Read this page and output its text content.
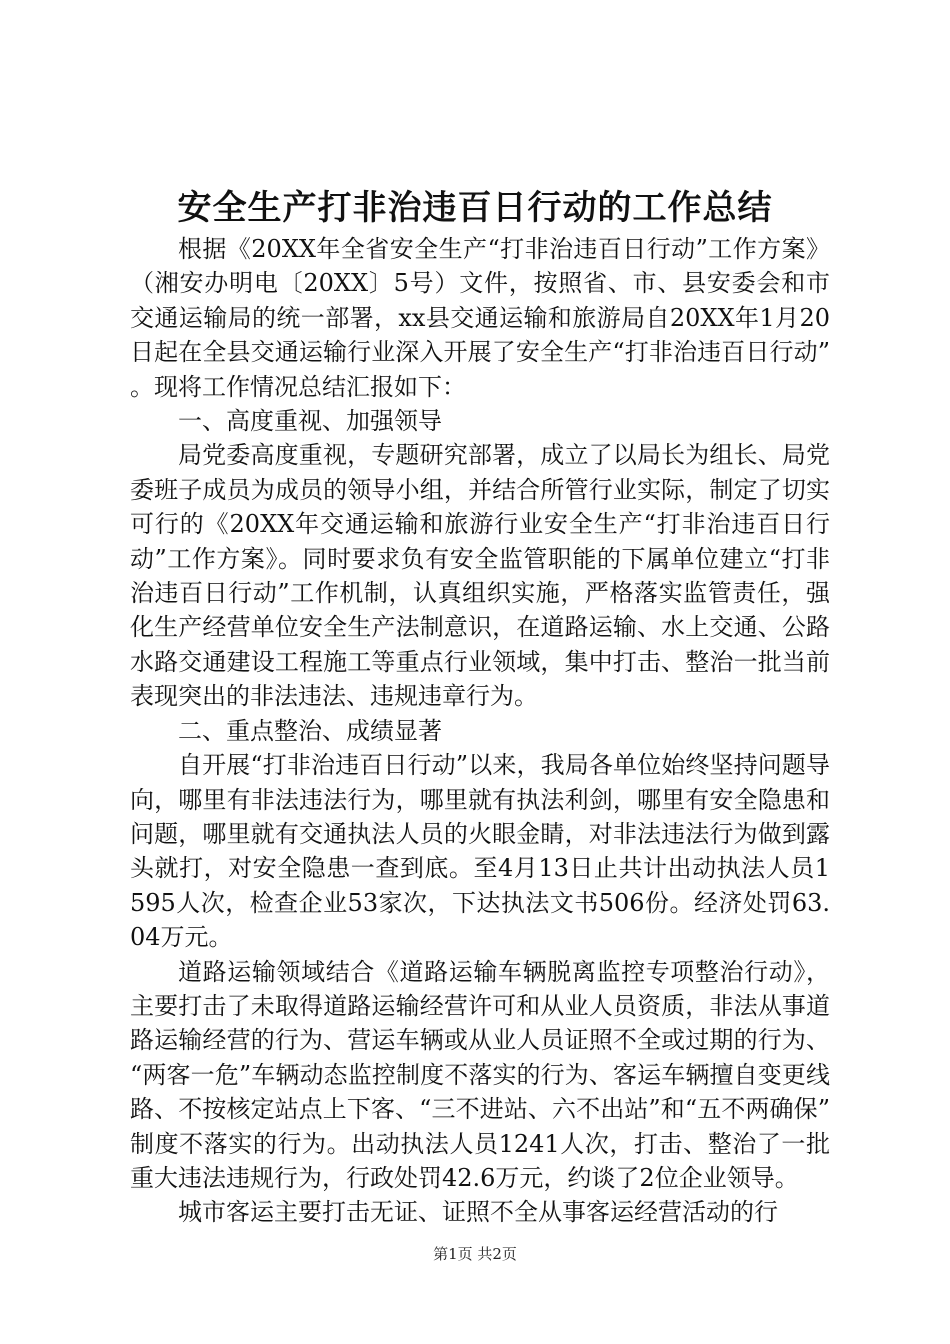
安全生产打非治违百日行动的工作总结

根据《20XX年全省安全生产“打非治违百日行动”工作方案》（湘安办明电〔20XX〕5号）文件，按照省、市、县安委会和市交通运输局的统一部署，xx县交通运输和旅游局自20XX年1月20日起在全县交通运输行业深入开展了安全生产“打非治违百日行动”。现将工作情况总结汇报如下：

一、高度重视、加强领导

局党委高度重视，专题研究部署，成立了以局长为组长、局党委班子成员为成员的领导小组，并结合所管行业实际，制定了切实可行的《20XX年交通运输和旅游行业安全生产“打非治违百日行动”工作方案》。同时要求负有安全监管职能的下属单位建立“打非治违百日行动”工作机制，认真组织实施，严格落实监管责任，强化生产经营单位安全生产法制意识，在道路运输、水上交通、公路水路交通建设工程施工等重点行业领域，集中打击、整治一批当前表现突出的非法违法、违规违章行为。

二、重点整治、成绩显著

自开展“打非治违百日行动”以来，我局各单位始终坚持问题导向，哪里有非法违法行为，哪里就有执法利剑，哪里有安全隐患和问题，哪里就有交通执法人员的火眼金睛，对非法违法行为做到露头就打，对安全隐患一查到底。至4月13日止共计出动执法人员1595人次，检查企业53家次，下达执法文书506份。经济处罚63.04万元。

道路运输领域结合《道路运输车辆脱离监控专项整治行动》，主要打击了未取得道路运输经营许可和从业人员资质，非法从事道路运输经营的行为、营运车辆或从业人员证照不全或过期的行为、“两客一危”车辆动态监控制度不落实的行为、客运车辆擅自变更线路、不按核定站点上下客、“三不进站、六不出站”和“五不两确保”制度不落实的行为。出动执法人员1241人次，打击、整治了一批重大违法违规行为，行政处罚42.6万元，约谈了2位企业领导。

城市客运主要打击无证、证照不全从事客运经营活动的行

第1页 共2页
